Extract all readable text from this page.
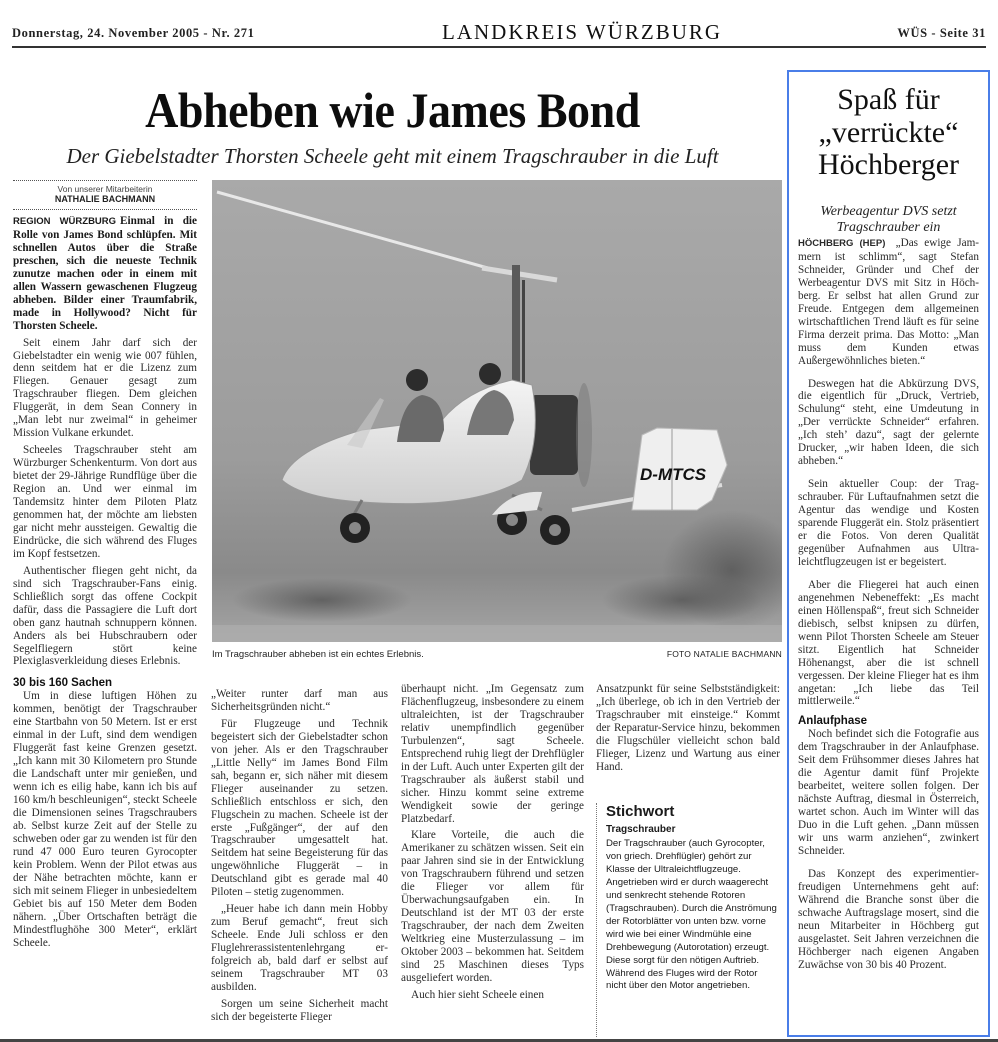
Donnerstag, 24. November 2005 - Nr. 271	LANDKREIS WÜRZBURG	WÜS - Seite 31
Abheben wie James Bond
Der Giebelstadter Thorsten Scheele geht mit einem Tragschrauber in die Luft
Von unserer Mitarbeiterin
NATHALIE BACHMANN

REGION WÜRZBURG Einmal in die Rolle von James Bond schlüpfen. Mit schnellen Autos über die Straße preschen, sich die neueste Technik zunutze machen oder in einem mit allen Wassern gewaschenen Flugzeug abheben. Bilder einer Traumfabrik, made in Hollywood? Nicht für Thorsten Scheele.

Seit einem Jahr darf sich der Giebelstadter ein wenig wie 007 fühlen, denn seitdem hat er die Lizenz zum Fliegen. Genauer gesagt zum Tragschrauber fliegen. Dem gleichen Fluggerät, in dem Sean Connery in „Man lebt nur zweimal“ in geheimer Mission Vulkane erkundet.

Scheeles Tragschrauber steht am Würzburger Schenkenturm. Von dort aus bietet der 29-Jährige Rundflüge über die Region an. Und wer einmal im Tandemsitz hinter dem Piloten Platz genommen hat, der möchte am liebsten gar nicht mehr aussteigen. Gewaltig die Eindrücke, die sich während des Fluges im Kopf festsetzen.

Authentischer fliegen geht nicht, da sind sich Tragschrauber-Fans einig. Schließlich sorgt das offene Cockpit dafür, dass die Passagiere die Luft dort oben ganz hautnah schnuppern können. Anders als bei Hubschraubern oder Segelfliegern stört keine Plexiglasverkleidung dieses Erlebnis.

30 bis 160 Sachen

Um in diese luftigen Höhen zu kommen, benötigt der Tragschrauber eine Startbahn von 50 Metern. Ist er erst einmal in der Luft, sind dem wendigen Fluggerät fast keine Grenzen gesetzt. „Ich kann mit 30 Kilometern pro Stunde die Landschaft unter mir genießen, und wenn ich es eilig habe, kann ich bis auf 160 km/h beschleunigen“, steckt Scheele die Dimensionen seines Tragschraubers ab. Selbst kurze Zeit auf der Stelle zu schweben oder gar zu wenden ist für den rund 47 000 Euro teuren Gyrocopter kein Problem. Wenn der Pilot etwas aus der Nähe betrachten möchte, kann er sich mit seinem Flieger in unbesiedeltem Gebiet bis auf 150 Meter dem Boden nähern. „Über Ortschaften beträgt die Mindestflughöhe 300 Meter“, erklärt Scheele.

D-MTCS
Im Tragschrauber abheben ist ein echtes Erlebnis.	FOTO NATALIE BACHMANN

„Weiter runter darf man aus Sicherheitsgründen nicht.“

Für Flugzeuge und Technik begeistert sich der Giebelstadter schon von jeher. Als er den Tragschrauber „Little Nelly“ im James Bond Film sah, begann er, sich näher mit diesem Flieger auseinander zu setzen. Schließlich entschloss er sich, den Flugschein zu machen. Scheele ist der erste „Fußgänger“, der auf den Tragschrauber umgesattelt hat. Seitdem hat seine Begeisterung für das ungewöhnliche Fluggerät – in Deutschland gibt es gerade mal 40 Piloten – stetig zugenommen.

„Heuer habe ich dann mein Hobby zum Beruf gemacht“, freut sich Scheele. Ende Juli schloss er den Fluglehrerassistentenlehrgang erfolgreich ab, bald darf er selbst auf seinem Tragschrauber MT 03 ausbilden.

Sorgen um seine Sicherheit macht sich der begeisterte Flieger

überhaupt nicht. „Im Gegensatz zum Flächenflugzeug, insbesondere zu einem ultraleichten, ist der Tragschrauber relativ unempfindlich gegenüber Turbulenzen“, sagt Scheele. Entsprechend ruhig liegt der Drehflügler in der Luft. Auch unter Experten gilt der Tragschrauber als äußerst stabil und sicher. Hinzu kommt seine extreme Wendigkeit sowie der geringe Platzbedarf.

Klare Vorteile, die auch die Amerikaner zu schätzen wissen. Seit ein paar Jahren sind sie in der Entwicklung von Tragschraubern führend und setzen die Flieger vor allem für Überwachungsaufgaben ein. In Deutschland ist der MT 03 der erste Tragschrauber, der nach dem Zweiten Weltkrieg eine Musterzulassung – im Oktober 2003 – bekommen hat. Seitdem sind 25 Maschinen dieses Typs ausgeliefert worden.

Auch hier sieht Scheele einen

Ansatzpunkt für seine Selbstständigkeit: „Ich überlege, ob ich in den Vertrieb der Tragschrauber mit einsteige.“ Kommt der Reparatur-Service hinzu, bekommen die Flugschüler vielleicht schon bald Flieger, Lizenz und Wartung aus einer Hand.

Stichwort
Tragschrauber
Der Tragschrauber (auch Gyrocopter, von griech. Drehflügler) gehört zur Klasse der Ultraleichtflugzeuge. Angetrieben wird er durch waagerecht und senkrecht stehende Rotoren (Tragschrauben). Durch die Anströmung der Rotorblätter von unten bzw. vorne wird wie bei einer Windmühle eine Drehbewegung (Autorotation) erzeugt. Diese sorgt für den nötigen Auftrieb. Während des Fluges wird der Rotor nicht über den Motor angetrieben.
Spaß für
„verrückte“
Höchberger
Werbeagentur DVS setzt Tragschrauber ein

HÖCHBERG (HEP) „Das ewige Jammern ist schlimm“, sagt Stefan Schneider, Gründer und Chef der Werbeagentur DVS mit Sitz in Höchberg. Er selbst hat allen Grund zur Freude. Entgegen dem allgemeinen wirtschaftlichen Trend läuft es für seine Firma derzeit prima. Das Motto: „Man muss dem Kunden etwas Außergewöhnliches bieten.“

Deswegen hat die Abkürzung DVS, die eigentlich für „Druck, Vertrieb, Schulung“ steht, eine Umdeutung in „Der verrückte Schneider“ erfahren. „Ich steh’ dazu“, sagt der gelernte Drucker, „wir haben Ideen, die sich abheben.“

Sein aktueller Coup: der Tragschrauber. Für Luftaufnahmen setzt die Agentur das wendige und Kosten sparende Fluggerät ein. Stolz präsentiert er die Fotos. Von deren Qualität gegenüber Aufnahmen aus Ultraleichtflugzeugen ist er begeistert.

Aber die Fliegerei hat auch einen angenehmen Nebeneffekt: „Es macht einen Höllenspaß“, freut sich Schneider diebisch, selbst knipsen zu dürfen, wenn Pilot Thorsten Scheele am Steuer sitzt. Eigentlich hat Schneider Höhenangst, aber die ist schnell vergessen. Der kleine Flieger hat es ihm angetan: „Ich liebe das Teil mittlerweile.“

Anlaufphase

Noch befindet sich die Fotografie aus dem Tragschrauber in der Anlaufphase. Seit dem Frühsommer dieses Jahres hat die Agentur damit fünf Projekte bearbeitet, weitere sollen folgen. Der nächste Auftrag, diesmal in Österreich, wartet schon. Auch im Winter will das Duo in die Luft gehen. „Dann müssen wir uns warm anziehen“, zwinkert Schneider.

Das Konzept des experimentierfreudigen Unternehmens geht auf: Während die Branche sonst über die schwache Auftragslage mosert, sind die neun Mitarbeiter in Höchberg gut ausgelastet. Seit Jahren verzeichnen die Höchberger nach eigenen Angaben Zuwächse von 30 bis 40 Prozent.
